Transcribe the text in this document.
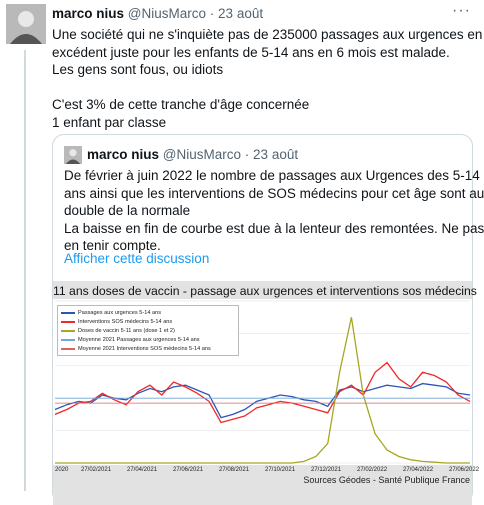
marco nius @NiusMarco · 23 août	···

Une société qui ne s'inquiète pas de 235000 passages aux urgences en

excédent juste pour les enfants de 5-14 ans en 6 mois est malade.

Les gens sont fous, ou idiots

C'est 3% de cette tranche d'âge concernée

1 enfant par classe

marco nius @NiusMarco · 23 août

De février à juin 2022 le nombre de passages aux Urgences des 5-14

ans ainsi que les interventions de SOS médecins pour cet âge sont au

double de la normale

La baisse en fin de courbe est due à la lenteur des remontées. Ne pas

en tenir compte.

Afficher cette discussion
11 ans doses de vaccin - passage aux urgences et interventions sos médecins
Passages aux urgences 5-14 ans
Interventions SOS médecins 5-14 ans
Doses de vaccin 5-11 ans (dose 1 et 2)
Moyenne 2021 Passages aux urgences 5-14 ans
Moyenne 2021 Interventions SOS médecins 5-14 ans
2020 27/02/2021	27/04/2021	27/06/2021	27/08/2021	27/10/2021	27/12/2021	27/02/2022	27/04/2022	27/06/2022
Sources Géodes - Santé Publique France
